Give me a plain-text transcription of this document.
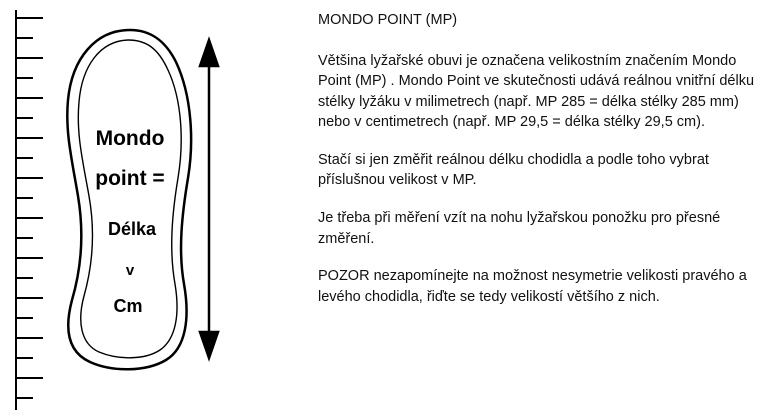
Mondo
point =
Délka
v
Cm

MONDO POINT (MP)

Většina lyžařské obuvi je označena velikostním značením Mondo Point (MP) . Mondo Point ve skutečnosti udává reálnou vnitřní délku stélky lyžáku v milimetrech (např. MP 285 = délka stélky 285 mm) nebo v centimetrech (např. MP 29,5 = délka stélky 29,5 cm).

Stačí si jen změřit reálnou délku chodidla a podle toho vybrat příslušnou velikost v MP.

Je třeba při měření vzít na nohu lyžařskou ponožku pro přesné změření.

POZOR nezapomínejte na možnost nesymetrie velikosti pravého a levého chodidla, řiďte se tedy velikostí většího z nich.
